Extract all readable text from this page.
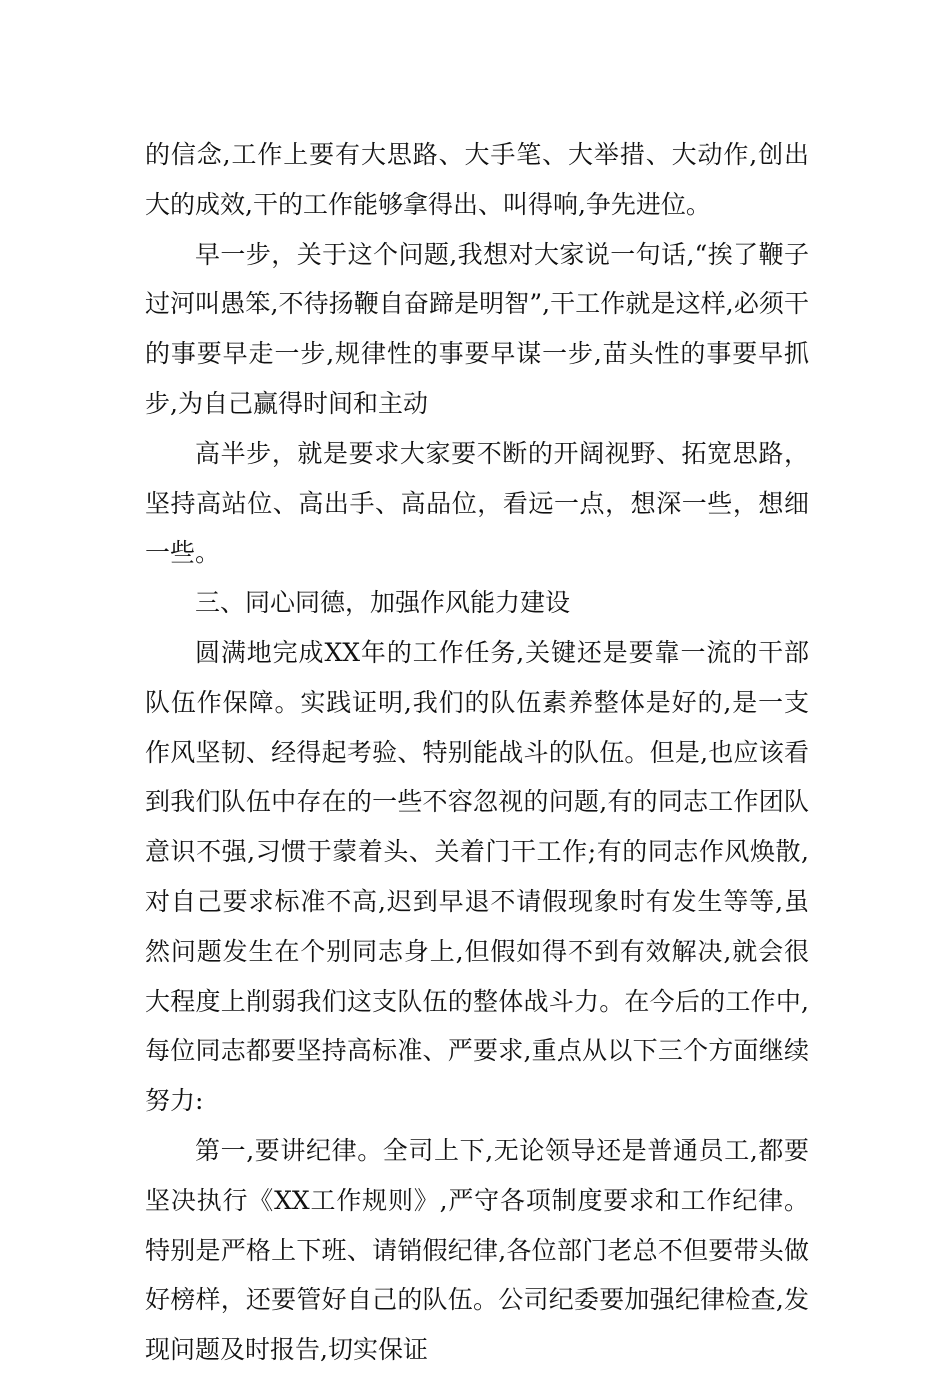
的信念,工作上要有大思路、大手笔、大举措、大动作,创出大的成效,干的工作能够拿得出、叫得响,争先进位。

早一步，关于这个问题,我想对大家说一句话,“挨了鞭子过河叫愚笨,不待扬鞭自奋蹄是明智”,干工作就是这样,必须干的事要早走一步,规律性的事要早谋一步,苗头性的事要早抓步,为自己赢得时间和主动

高半步，就是要求大家要不断的开阔视野、拓宽思路，坚持高站位、高出手、高品位，看远一点，想深一些，想细一些。

三、同心同德，加强作风能力建设

圆满地完成XX年的工作任务,关键还是要靠一流的干部队伍作保障。实践证明,我们的队伍素养整体是好的,是一支作风坚韧、经得起考验、特别能战斗的队伍。但是,也应该看到我们队伍中存在的一些不容忽视的问题,有的同志工作团队意识不强,习惯于蒙着头、关着门干工作;有的同志作风焕散,对自己要求标准不高,迟到早退不请假现象时有发生等等,虽然问题发生在个别同志身上,但假如得不到有效解决,就会很大程度上削弱我们这支队伍的整体战斗力。在今后的工作中,每位同志都要坚持高标准、严要求,重点从以下三个方面继续努力:

第一,要讲纪律。全司上下,无论领导还是普通员工,都要坚决执行《XX工作规则》,严守各项制度要求和工作纪律。特别是严格上下班、请销假纪律,各位部门老总不但要带头做好榜样，还要管好自己的队伍。公司纪委要加强纪律检查,发现问题及时报告,切实保证
